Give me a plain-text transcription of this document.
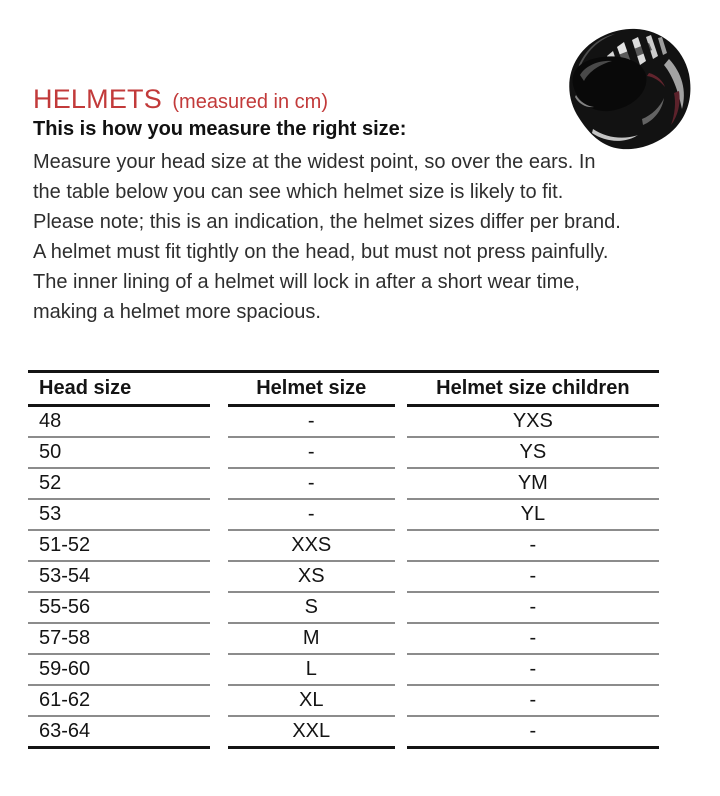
HELMETS (measured in cm)
This is how you measure the right size:
Measure your head size at the widest point, so over the ears. In
the table below you can see which helmet size is likely to fit.
Please note; this is an indication, the helmet sizes differ per brand.
A helmet must fit tightly on the head, but must not press painfully.
The inner lining of a helmet will lock in after a short wear time,
making a helmet more spacious.
Head size	Helmet size	Helmet size children
48	-	YXS
50	-	YS
52	-	YM
53	-	YL
51-52	XXS	-
53-54	XS	-
55-56	S	-
57-58	M	-
59-60	L	-
61-62	XL	-
63-64	XXL	-
